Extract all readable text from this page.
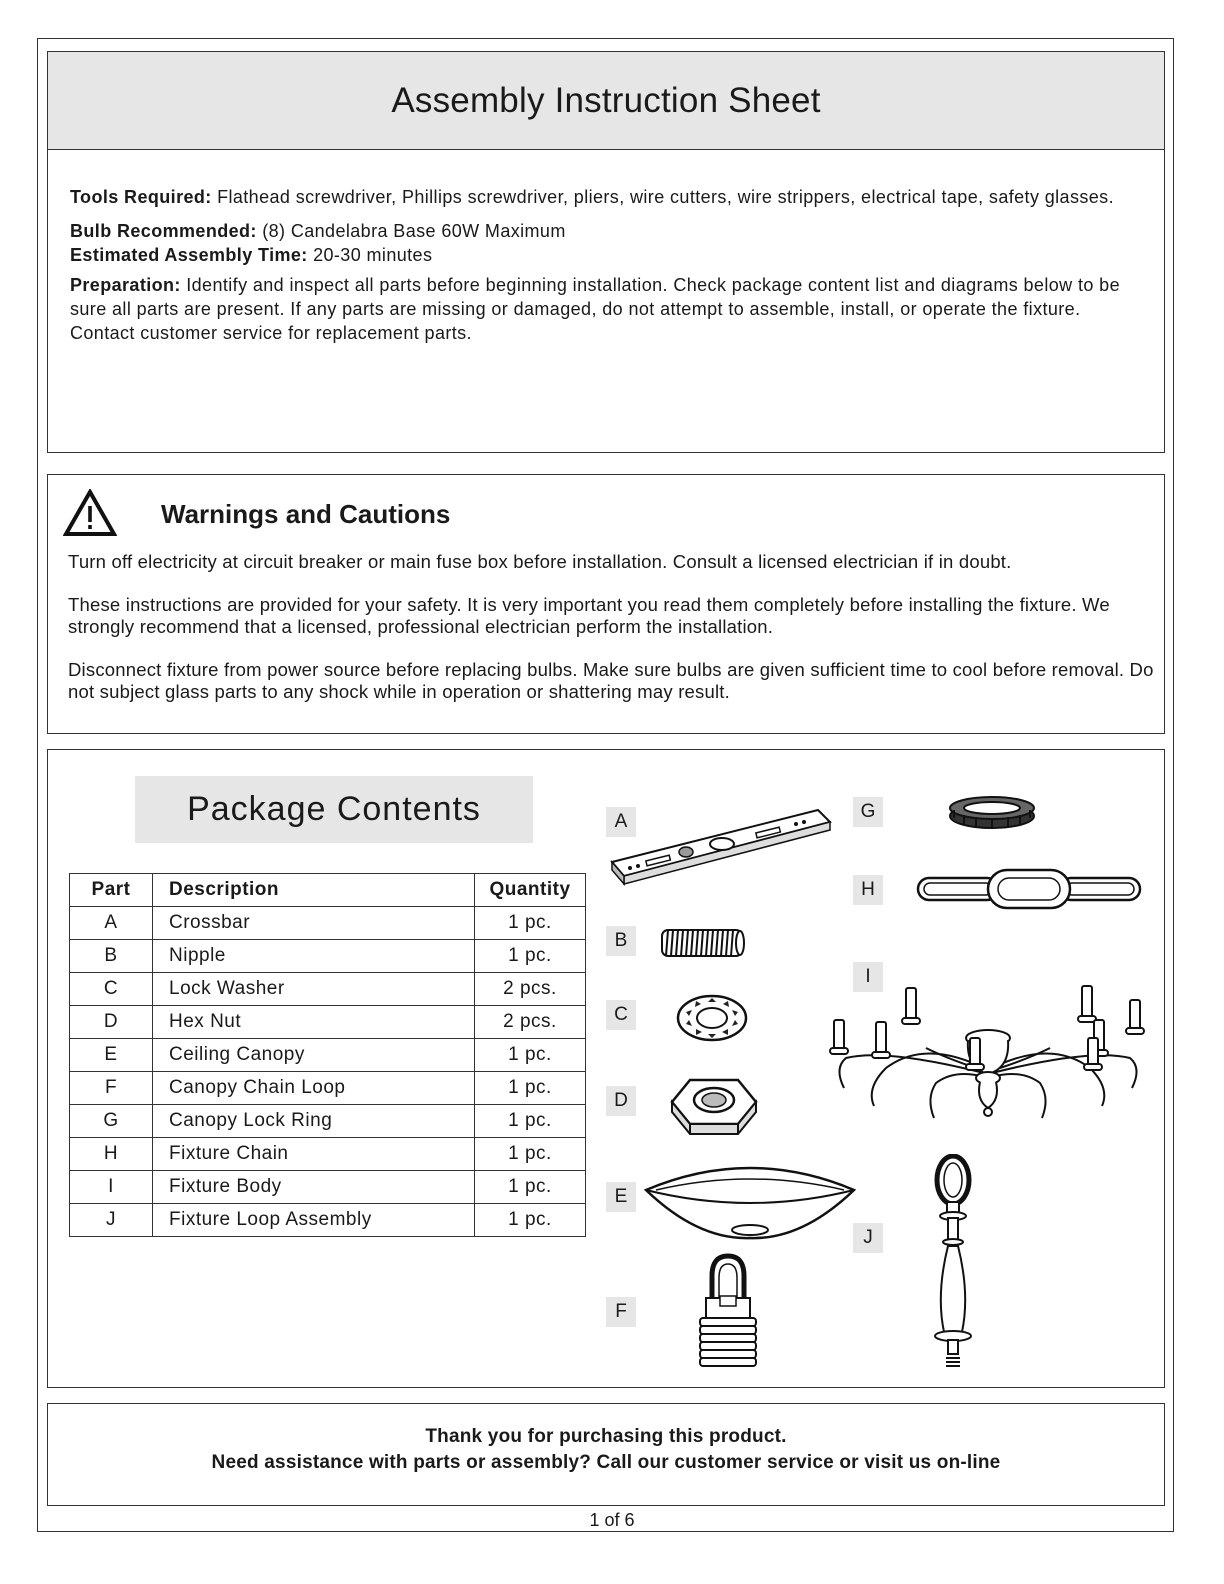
Assembly Instruction Sheet

Tools Required: Flathead screwdriver, Phillips screwdriver, pliers, wire cutters, wire strippers, electrical tape, safety glasses.

Bulb Recommended: (8) Candelabra Base 60W Maximum

Estimated Assembly Time: 20-30 minutes

Preparation: Identify and inspect all parts before beginning installation. Check package content list and diagrams below to be sure all parts are present. If any parts are missing or damaged, do not attempt to assemble, install, or operate the fixture. Contact customer service for replacement parts.

Warnings and Cautions

Turn off electricity at circuit breaker or main fuse box before installation. Consult a licensed electrician if in doubt.

These instructions are provided for your safety. It is very important you read them completely before installing the fixture. We strongly recommend that a licensed, professional electrician perform the installation.

Disconnect fixture from power source before replacing bulbs. Make sure bulbs are given sufficient time to cool before removal. Do not subject glass parts to any shock while in operation or shattering may result.

Package Contents
Part	Description	Quantity
A	Crossbar	1 pc.
B	Nipple	1 pc.
C	Lock Washer	2 pcs.
D	Hex Nut	2 pcs.
E	Ceiling Canopy	1 pc.
F	Canopy Chain Loop	1 pc.
G	Canopy Lock Ring	1 pc.
H	Fixture Chain	1 pc.
I	Fixture Body	1 pc.
J	Fixture Loop Assembly	1 pc.
A
B
C
D
E
F
G
H
I
J

Thank you for purchasing this product.

Need assistance with parts or assembly? Call our customer service or visit us on-line

1 of 6
